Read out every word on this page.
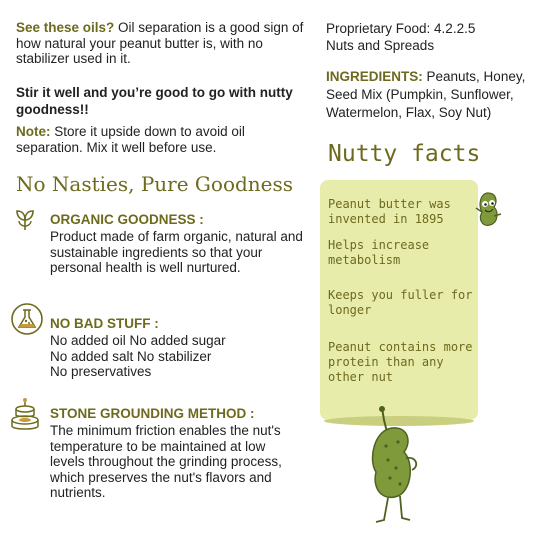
See these oils? Oil separation is a good sign of how natural your peanut butter is, with no stabilizer used in it.

Stir it well and you’re good to go with nutty goodness!!

Note: Store it upside down to avoid oil separation. Mix it well before use.

No Nasties, Pure Goodness

ORGANIC GOODNESS :

Product made of farm organic, natural and sustainable ingredients so that your personal health is well nurtured.

NO BAD STUFF :

No added oil No added sugar
No added salt No stabilizer
No preservatives

STONE GROUNDING METHOD :

The minimum friction enables the nut's temperature to be maintained at low levels throughout the grinding process, which preserves the nut's flavors and nutrients.

Proprietary Food: 4.2.2.5
Nuts and Spreads
INGREDIENTS: Peanuts, Honey, Seed Mix (Pumpkin, Sunflower, Watermelon, Flax, Soy Nut)
Nutty facts
Peanut butter was invented in 1895
Helps increase metabolism
Keeps you fuller for longer
Peanut contains more protein than any other nut
